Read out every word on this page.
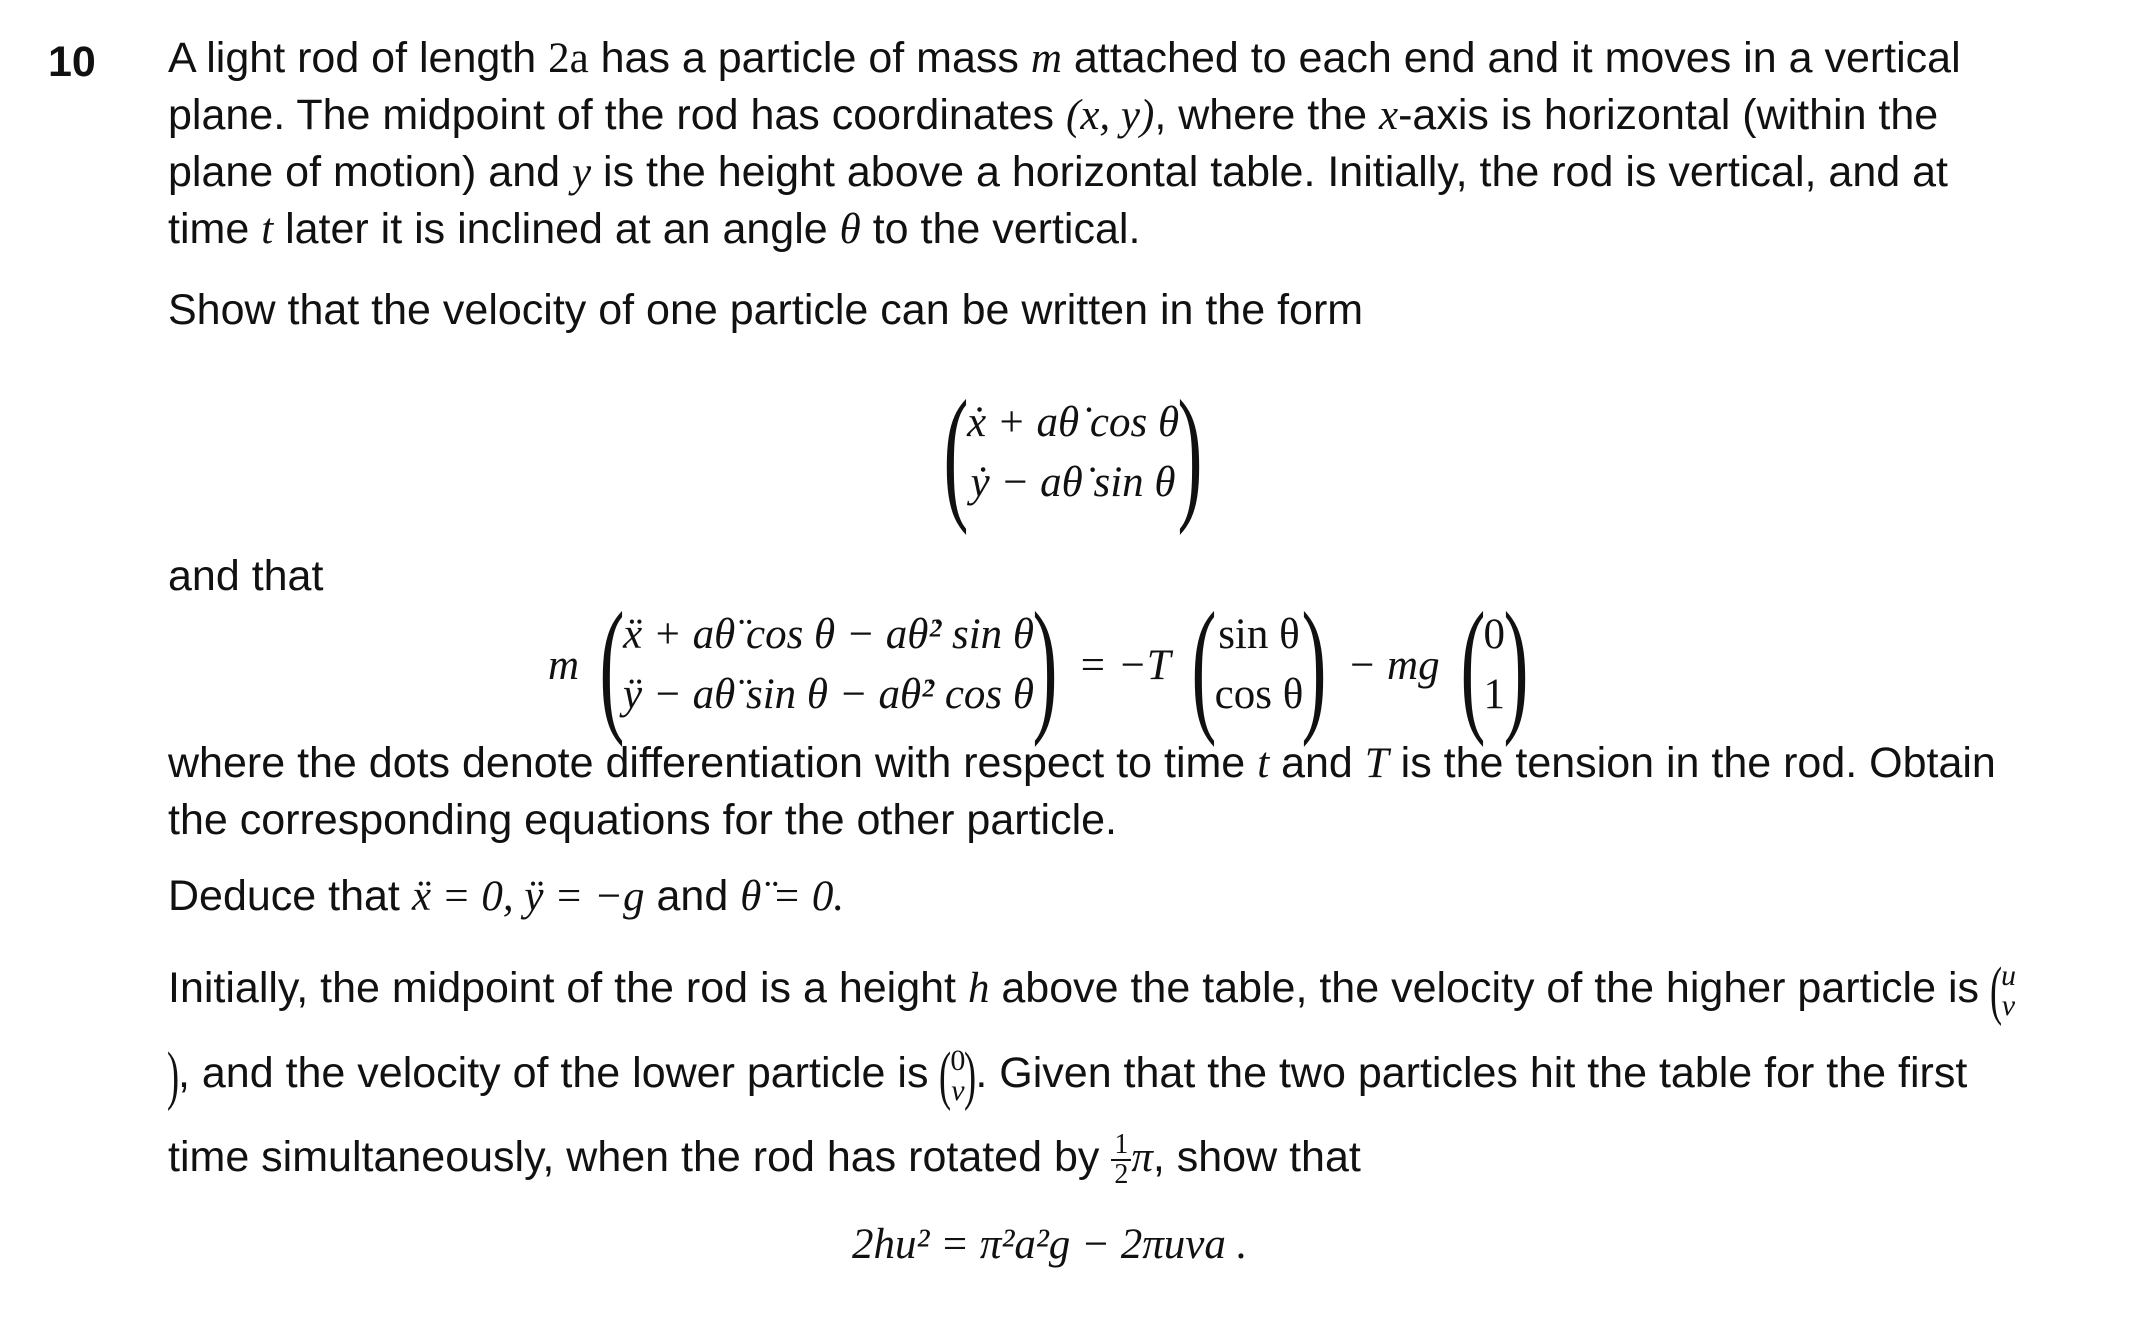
10 A light rod of length 2a has a particle of mass m attached to each end and it moves in a vertical plane. The midpoint of the rod has coordinates (x, y), where the x-axis is horizontal (within the plane of motion) and y is the height above a horizontal table. Initially, the rod is vertical, and at time t later it is inclined at an angle θ to the vertical.
Show that the velocity of one particle can be written in the form
(
ẋ + aθ̇ cos θ
ẏ − aθ̇ sin θ )
and that
m (
ẍ + aθ̈ cos θ − aθ̇² sin θ
ÿ − aθ̈ sin θ − aθ̇² cos θ
) = −T ( sin θ
cos θ
) − mg (
0
1
)
where the dots denote differentiation with respect to time t and T is the tension in the rod. Obtain the corresponding equations for the other particle.
Deduce that ẍ = 0, ÿ = −g and θ̈ = 0.
Initially, the midpoint of the rod is a height h above the table, the velocity of the higher particle is (
u
v
), and the velocity of the lower particle is (
0
v ). Given that the two particles hit the table for the first time simultaneously, when the rod has rotated by $\frac{1}{2} \pi$, show that
2hu² = π²a²g − 2πuva .
